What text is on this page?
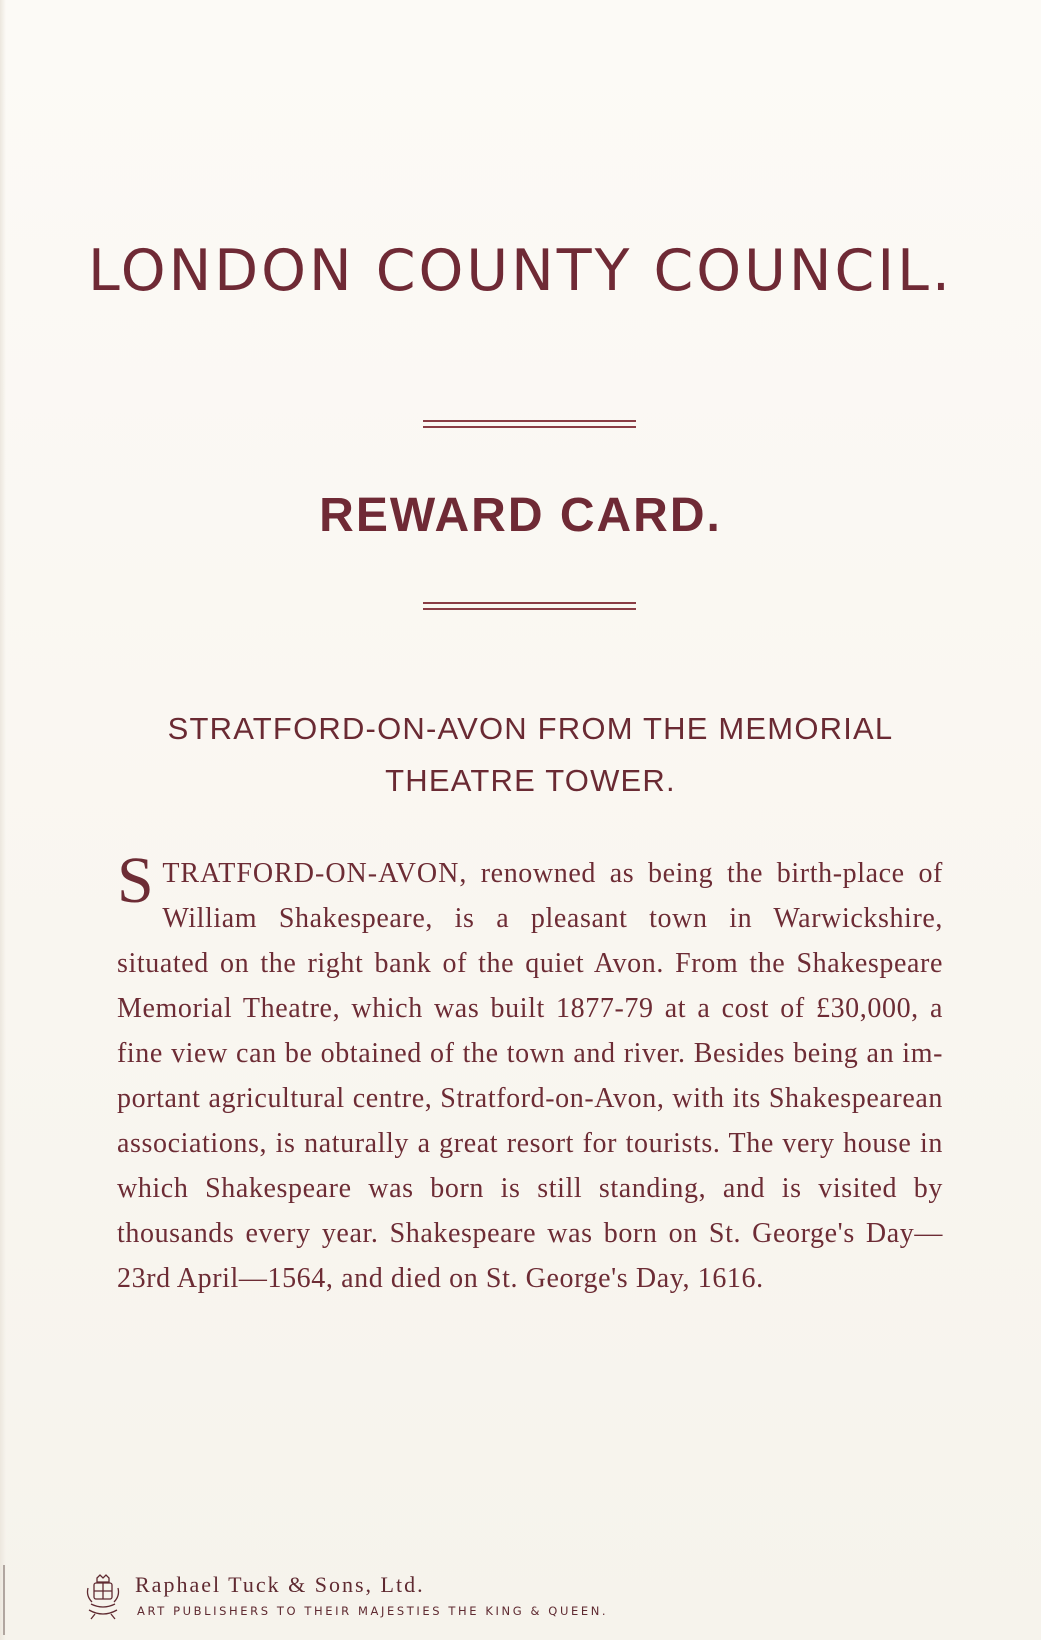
LONDON COUNTY COUNCIL.
REWARD CARD.
STRATFORD-ON-AVON FROM THE MEMORIAL
THEATRE TOWER.

STRATFORD-ON-AVON, renowned as being the birth-place of William Shakespeare, is a pleasant town in Warwickshire, situated on the right bank of the quiet Avon. From the Shakespeare Memorial Theatre, which was built 1877-79 at a cost of £30,000, a fine view can be obtained of the town and river. Besides being an im-portant agricultural centre, Stratford-on-Avon, with its Shakespearean associations, is naturally a great resort for tourists. The very house in which Shakespeare was born is still standing, and is visited by thousands every year. Shakespeare was born on St. George's Day—23rd April—1564, and died on St. George's Day, 1616.

Raphael Tuck & Sons, Ltd.
ART PUBLISHERS TO THEIR MAJESTIES THE KING & QUEEN.
